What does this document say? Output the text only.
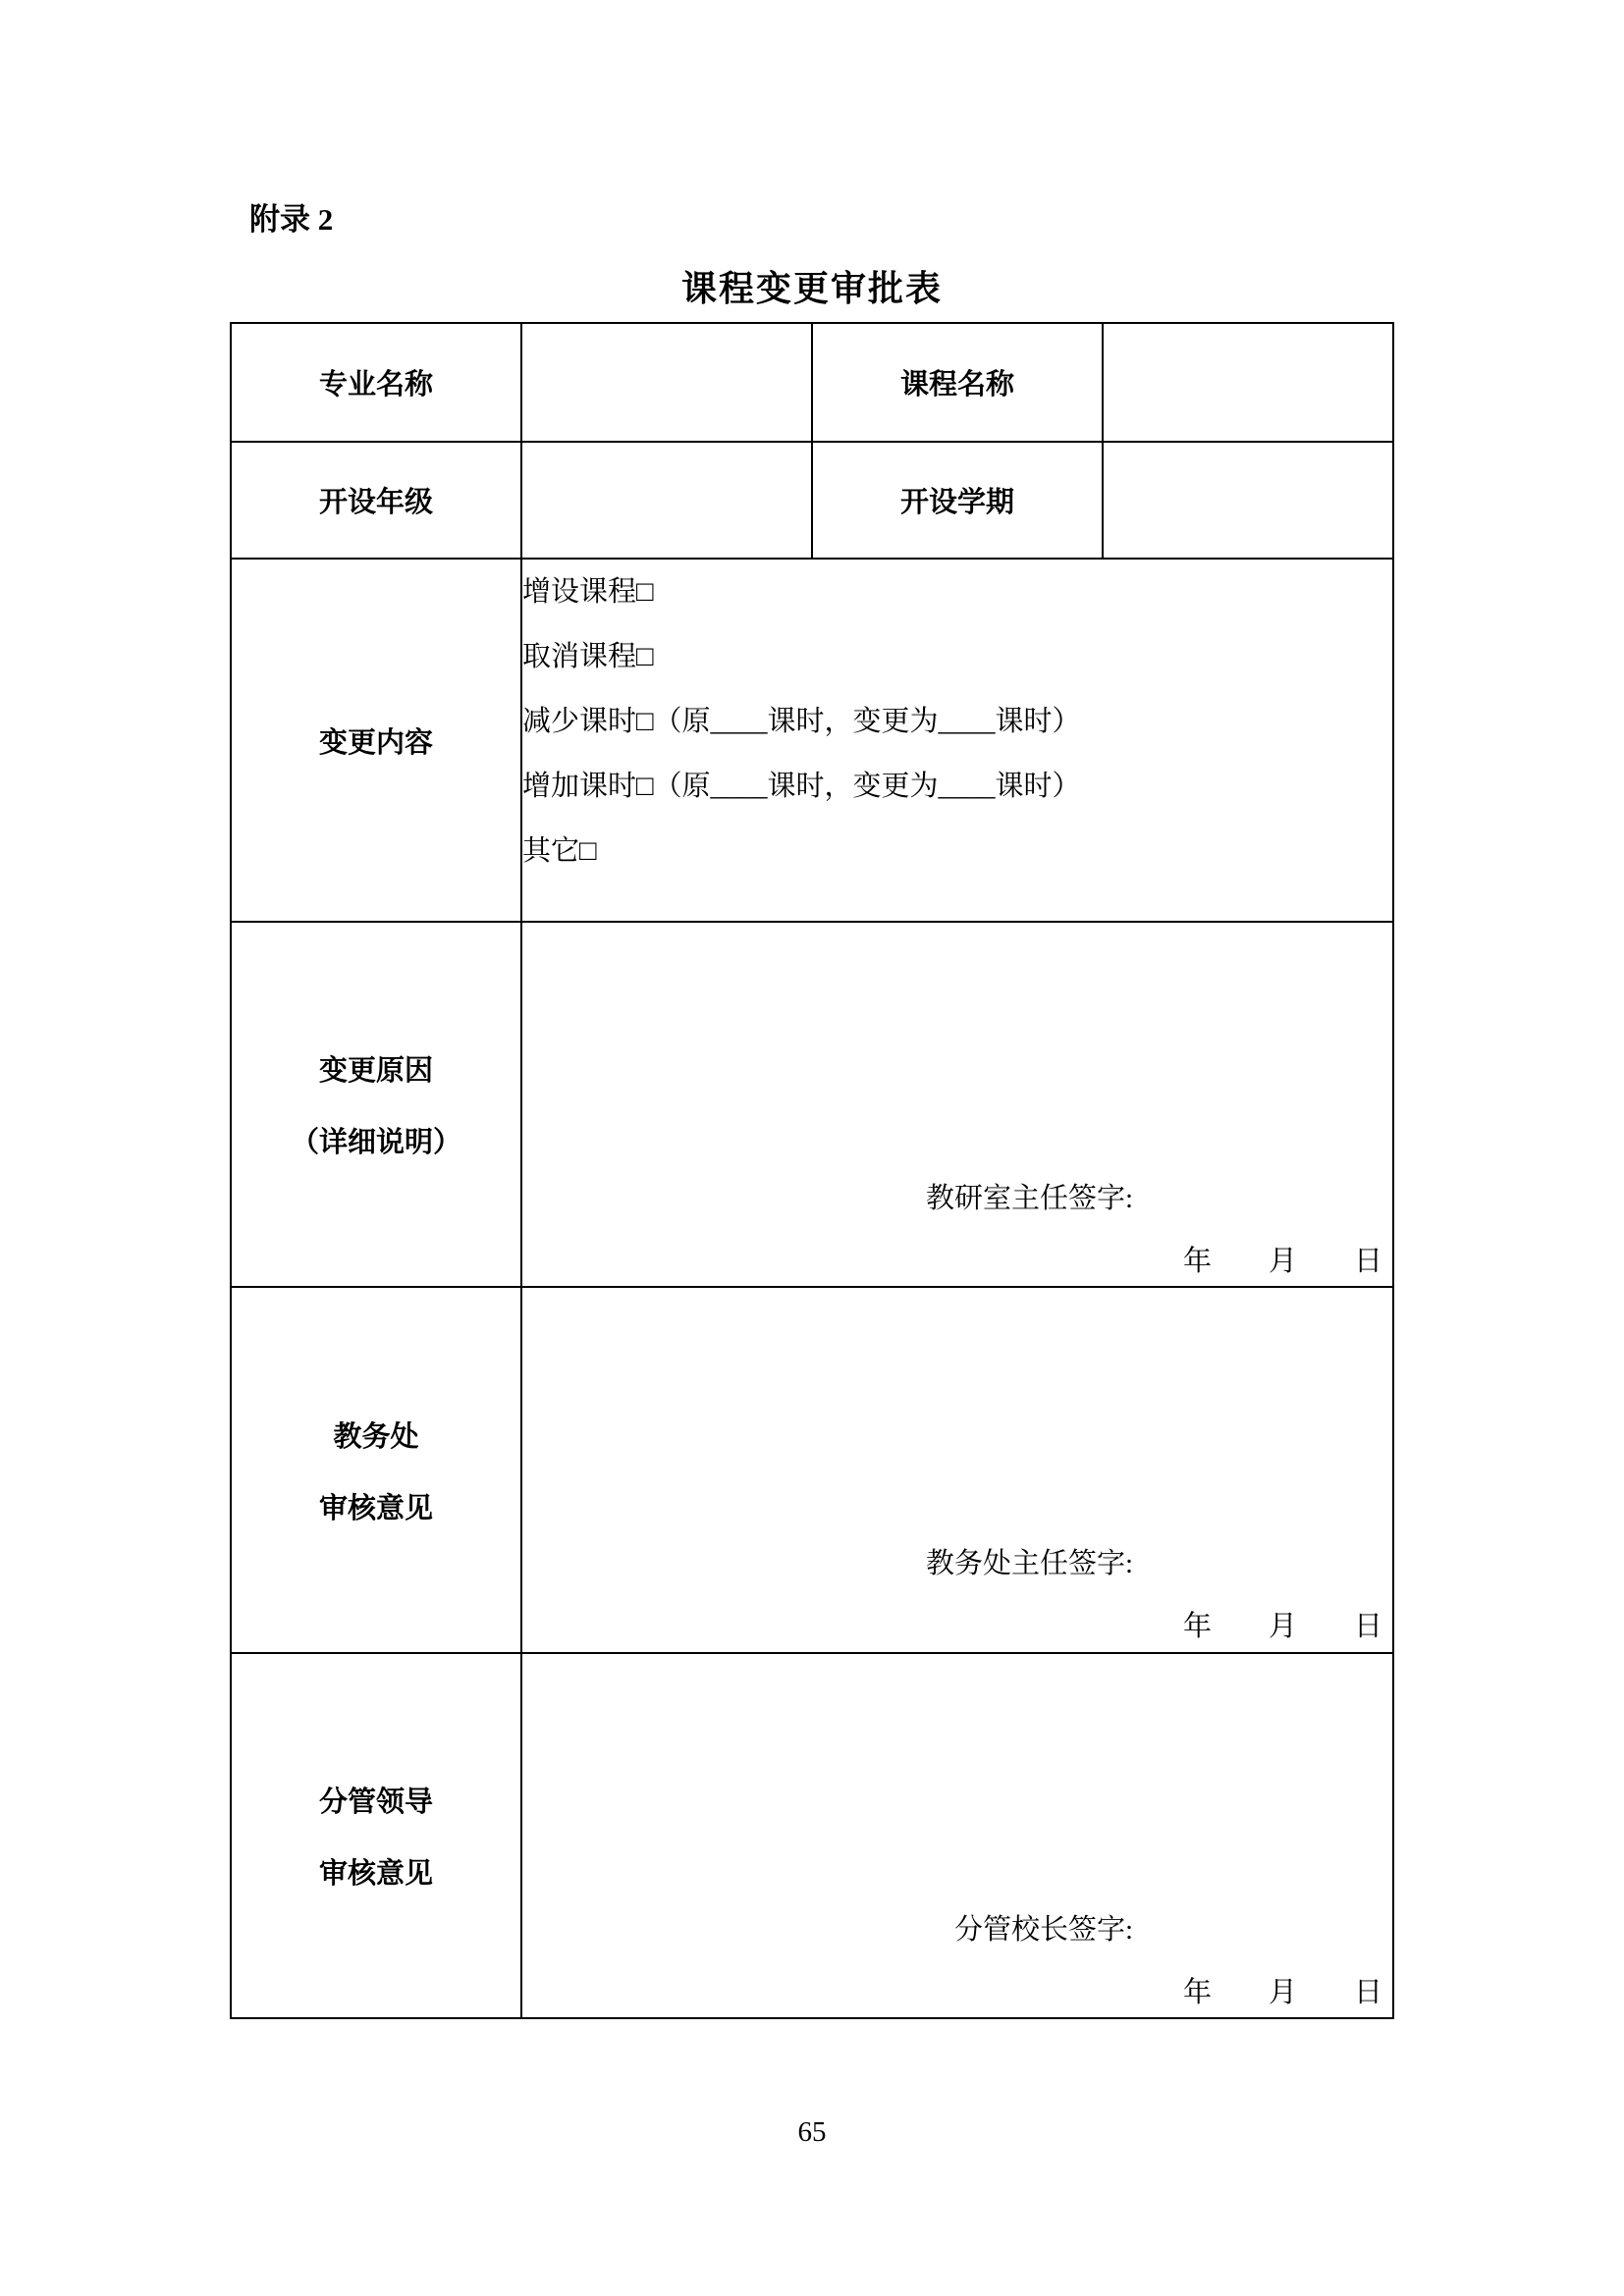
附录 2
课程变更审批表
专业名称		课程名称	
开设年级		开设学期	
变更内容	增设课程□
取消课程□
减少课时□（原____课时，变更为____课时）
增加课时□（原____课时，变更为____课时）
其它□		

变更原因
（详细说明）

教研室主任签字:
年　　月　　日

教务处
审核意见

教务处主任签字:
年　　月　　日

分管领导
审核意见

分管校长签字:
年　　月　　日
65
